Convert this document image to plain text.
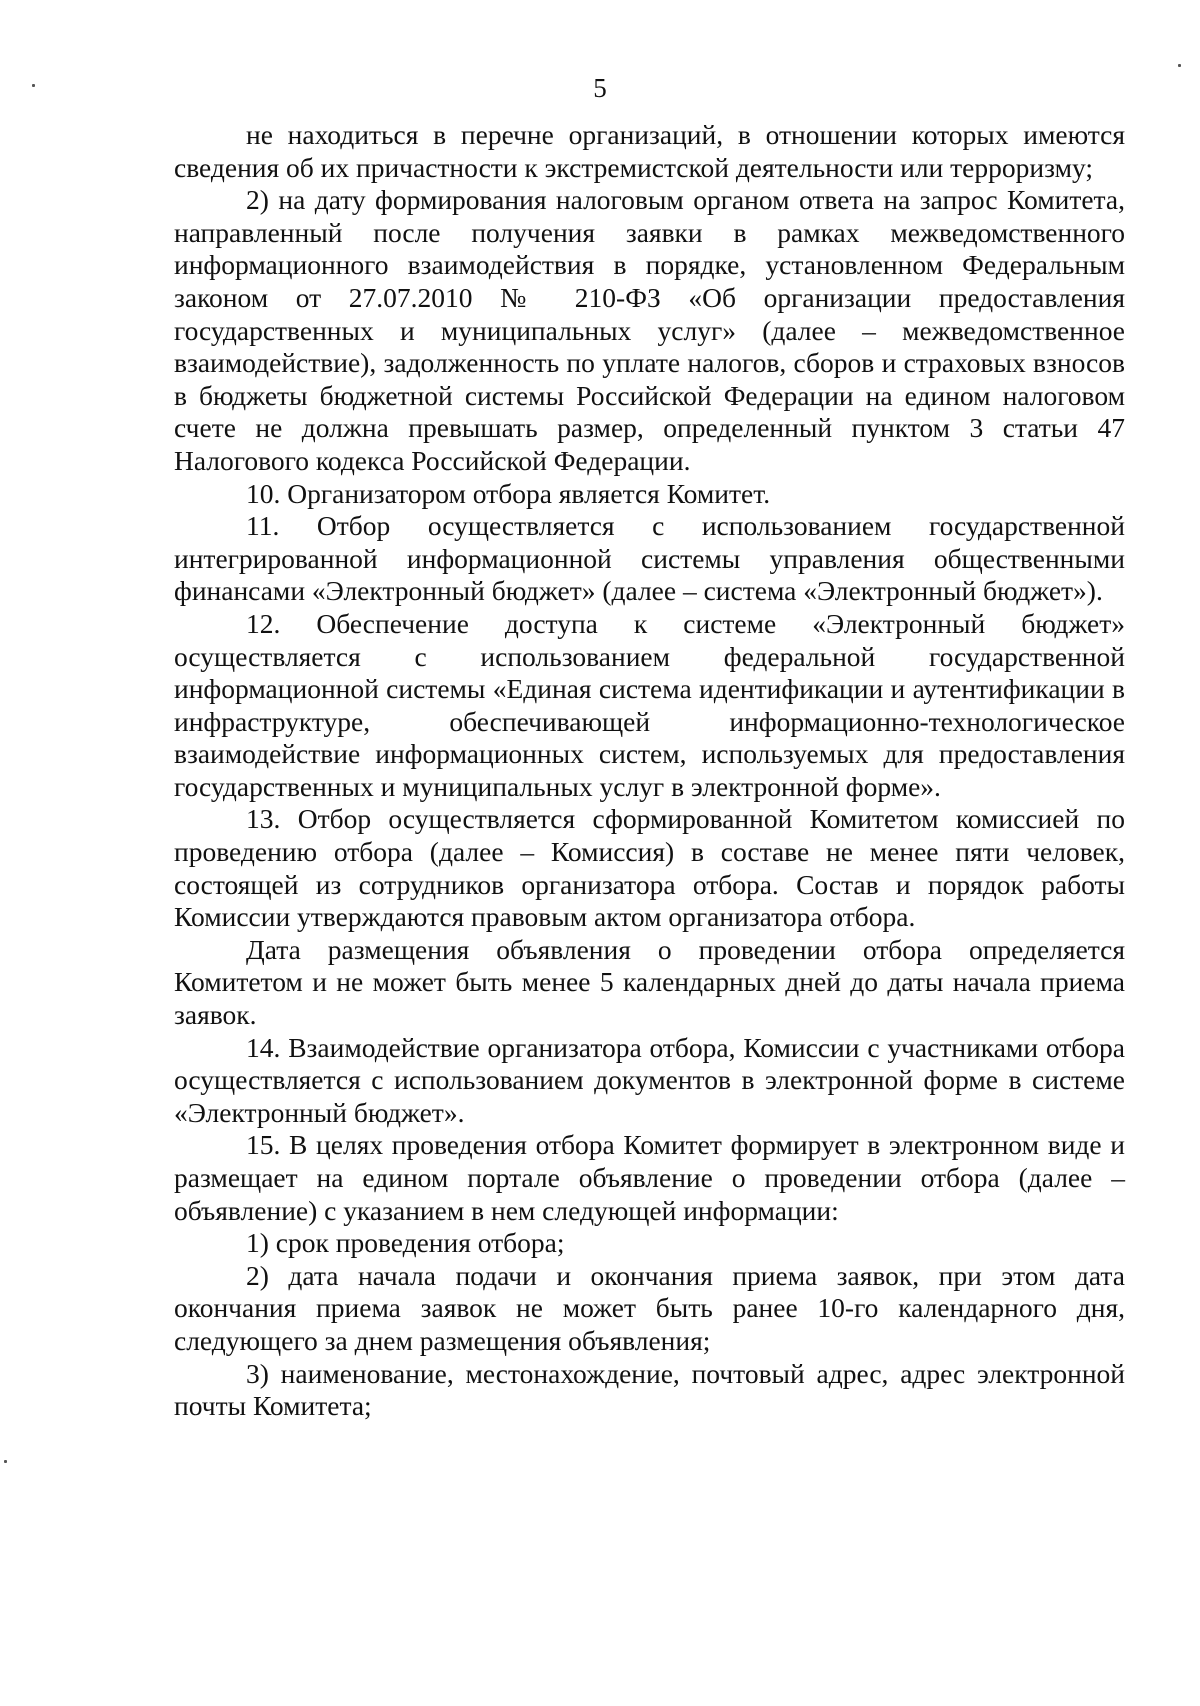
5

не находиться в перечне организаций, в отношении которых имеются сведения об их причастности к экстремистской деятельности или терроризму;

2) на дату формирования налоговым органом ответа на запрос Комитета, направленный после получения заявки в рамках межведомственного информационного взаимодействия в порядке, установленном Федеральным законом от 27.07.2010 № 210-ФЗ «Об организации предоставления государственных и муниципальных услуг» (далее – межведомственное взаимодействие), задолженность по уплате налогов, сборов и страховых взносов в бюджеты бюджетной системы Российской Федерации на едином налоговом счете не должна превышать размер, определенный пунктом 3 статьи 47 Налогового кодекса Российской Федерации.

10. Организатором отбора является Комитет.

11. Отбор осуществляется с использованием государственной интегрированной информационной системы управления общественными финансами «Электронный бюджет» (далее – система «Электронный бюджет»).

12. Обеспечение доступа к системе «Электронный бюджет» осуществляется с использованием федеральной государственной информационной системы «Единая система идентификации и аутентификации в инфраструктуре, обеспечивающей информационно-технологическое взаимодействие информационных систем, используемых для предоставления государственных и муниципальных услуг в электронной форме».

13. Отбор осуществляется сформированной Комитетом комиссией по проведению отбора (далее – Комиссия) в составе не менее пяти человек, состоящей из сотрудников организатора отбора. Состав и порядок работы Комиссии утверждаются правовым актом организатора отбора.

Дата размещения объявления о проведении отбора определяется Комитетом и не может быть менее 5 календарных дней до даты начала приема заявок.

14. Взаимодействие организатора отбора, Комиссии с участниками отбора осуществляется с использованием документов в электронной форме в системе «Электронный бюджет».

15. В целях проведения отбора Комитет формирует в электронном виде и размещает на едином портале объявление о проведении отбора (далее – объявление) с указанием в нем следующей информации:

1) срок проведения отбора;

2) дата начала подачи и окончания приема заявок, при этом дата окончания приема заявок не может быть ранее 10-го календарного дня, следующего за днем размещения объявления;

3) наименование, местонахождение, почтовый адрес, адрес электронной почты Комитета;
